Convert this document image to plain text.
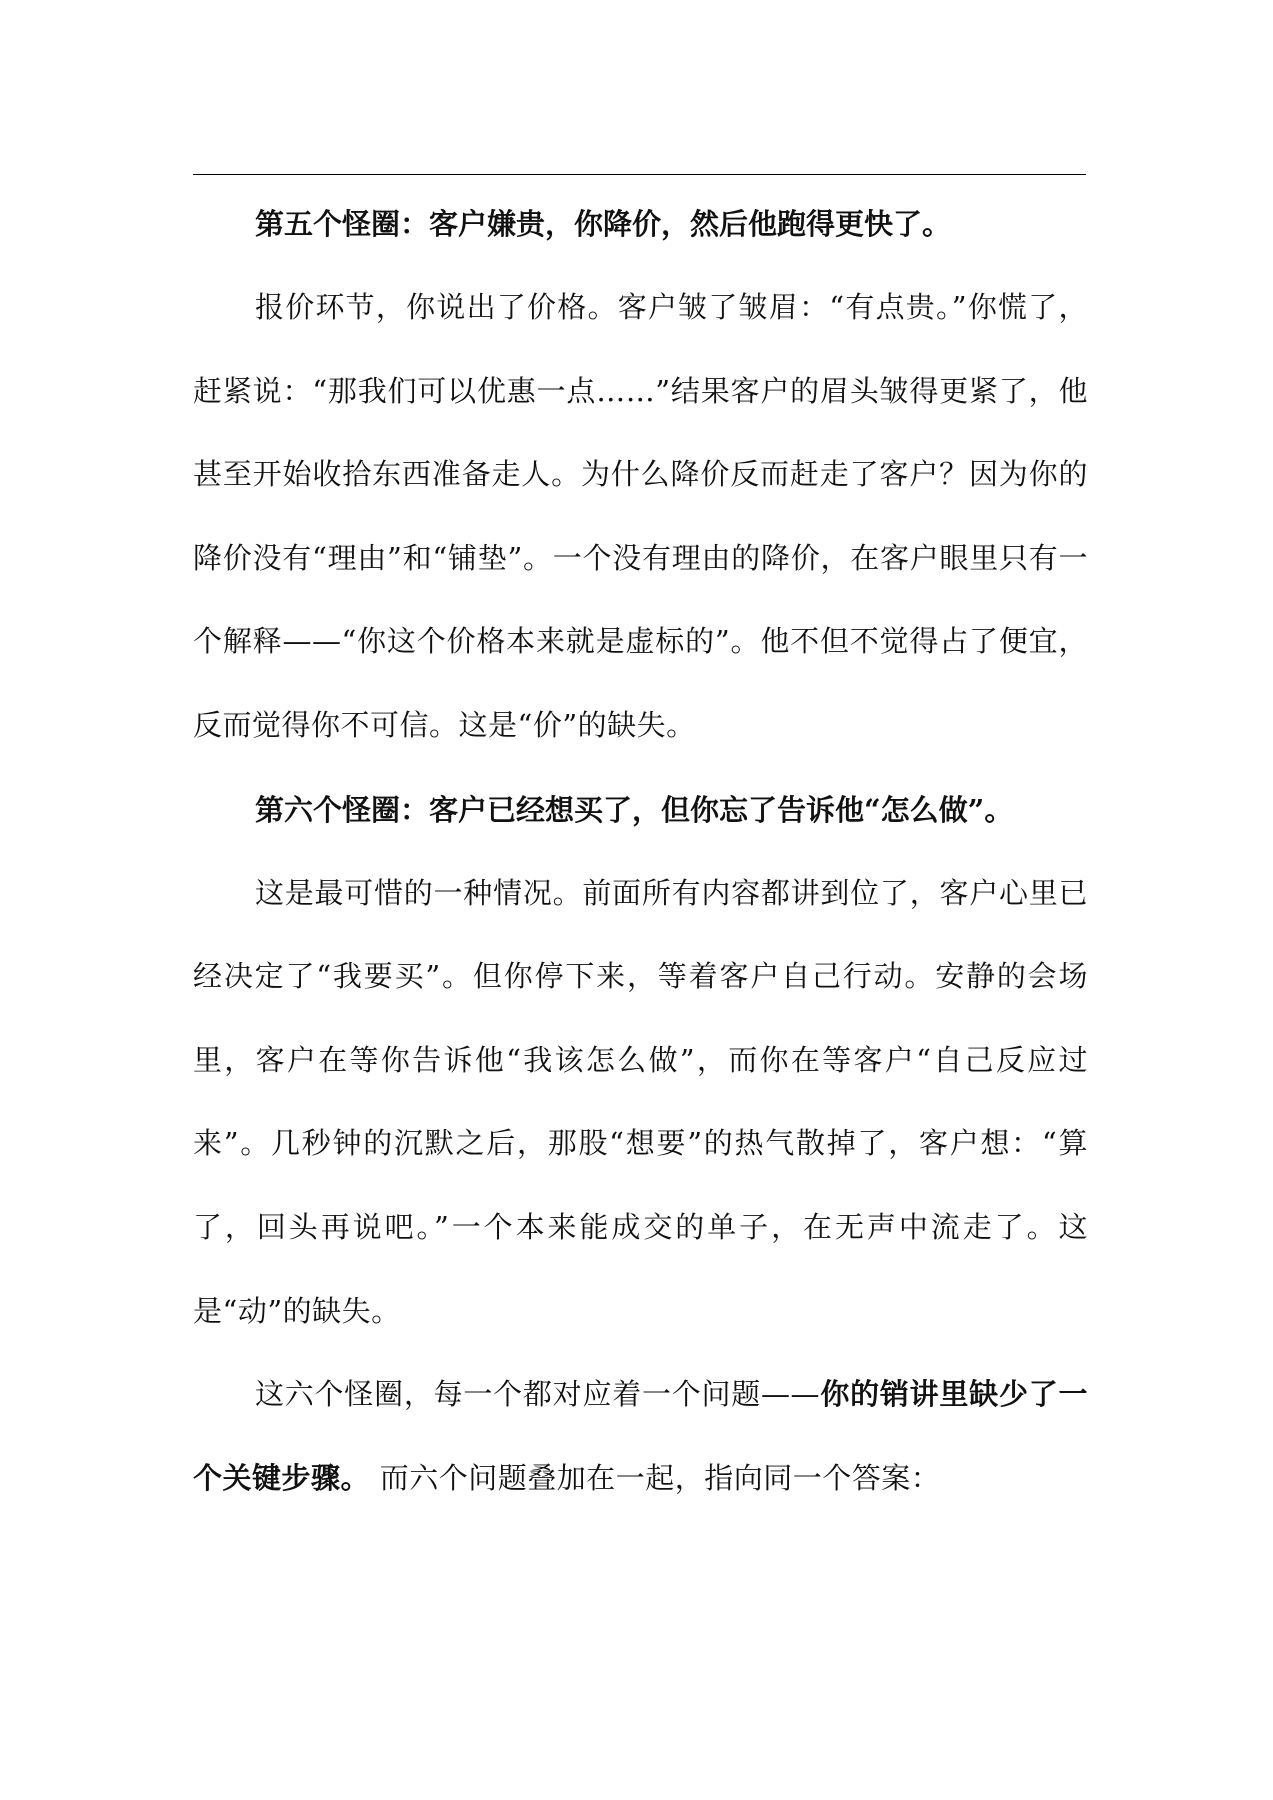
第五个怪圈：客户嫌贵，你降价，然后他跑得更快了。

报价环节，你说出了价格。客户皱了皱眉：“有点贵。”你慌了，赶紧说：“那我们可以优惠一点……”结果客户的眉头皱得更紧了，他甚至开始收拾东西准备走人。为什么降价反而赶走了客户？因为你的降价没有“理由”和“铺垫”。一个没有理由的降价，在客户眼里只有一个解释——“你这个价格本来就是虚标的”。他不但不觉得占了便宜，反而觉得你不可信。这是“价”的缺失。

第六个怪圈：客户已经想买了，但你忘了告诉他“怎么做”。

这是最可惜的一种情况。前面所有内容都讲到位了，客户心里已经决定了“我要买”。但你停下来，等着客户自己行动。安静的会场里，客户在等你告诉他“我该怎么做”，而你在等客户“自己反应过来”。几秒钟的沉默之后，那股“想要”的热气散掉了，客户想：“算了，回头再说吧。”一个本来能成交的单子，在无声中流走了。这是“动”的缺失。

这六个怪圈，每一个都对应着一个问题——你的销讲里缺少了一个关键步骤。 而六个问题叠加在一起，指向同一个答案：
